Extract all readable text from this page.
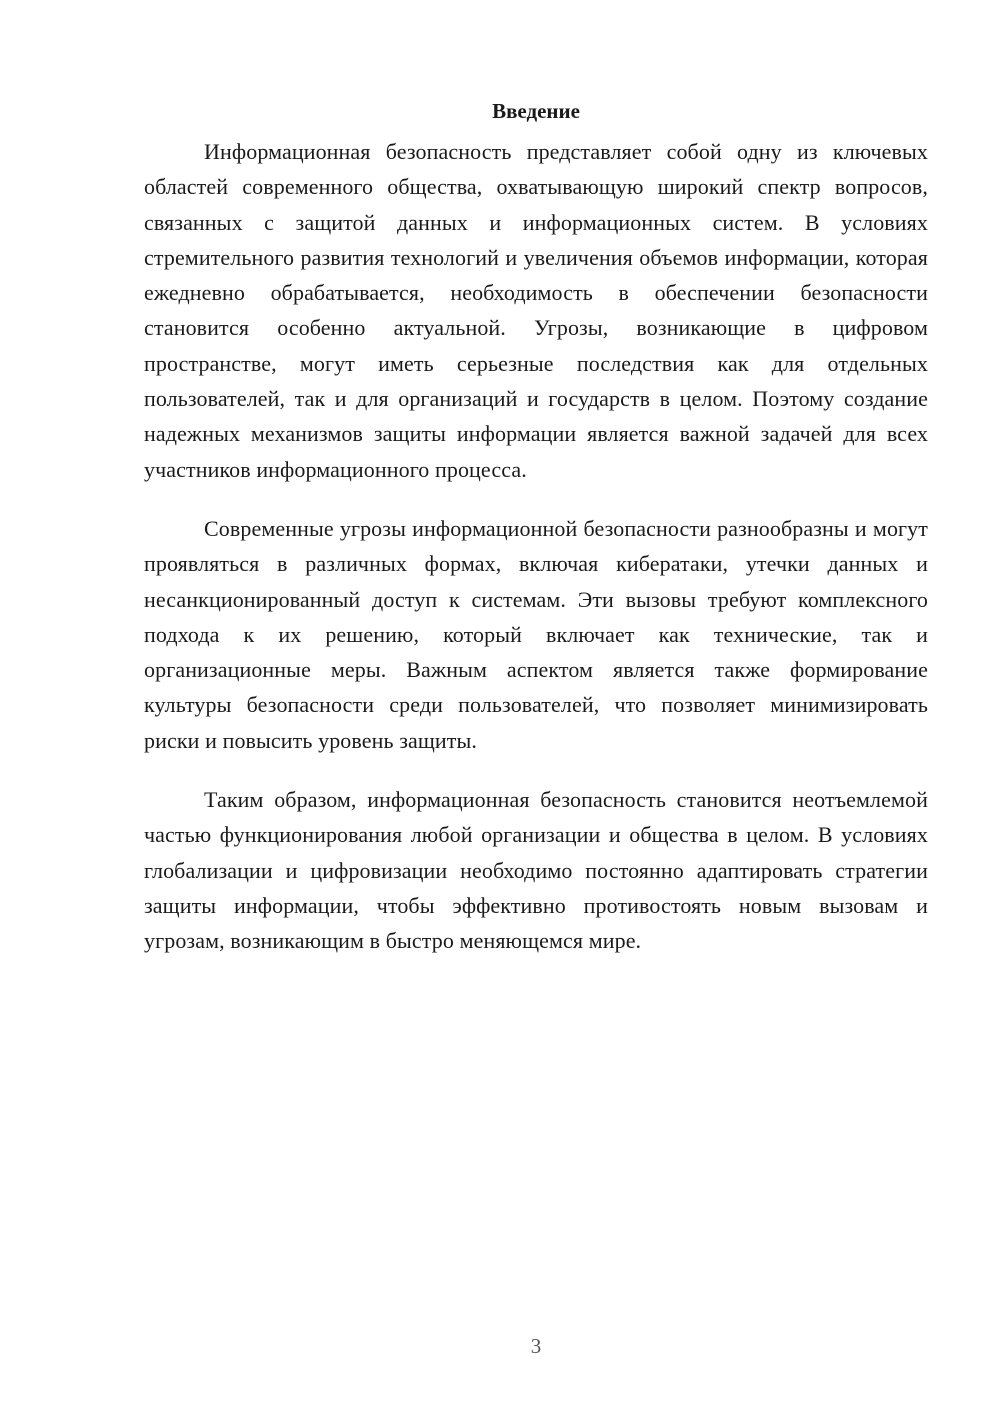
Введение

Информационная безопасность представляет собой одну из ключевых областей современного общества, охватывающую широкий спектр вопросов, связанных с защитой данных и информационных систем. В условиях стремительного развития технологий и увеличения объемов информации, которая ежедневно обрабатывается, необходимость в обеспечении безопасности становится особенно актуальной. Угрозы, возникающие в цифровом пространстве, могут иметь серьезные последствия как для отдельных пользователей, так и для организаций и государств в целом. Поэтому создание надежных механизмов защиты информации является важной задачей для всех участников информационного процесса.

Современные угрозы информационной безопасности разнообразны и могут проявляться в различных формах, включая кибератаки, утечки данных и несанкционированный доступ к системам. Эти вызовы требуют комплексного подхода к их решению, который включает как технические, так и организационные меры. Важным аспектом является также формирование культуры безопасности среди пользователей, что позволяет минимизировать риски и повысить уровень защиты.

Таким образом, информационная безопасность становится неотъемлемой частью функционирования любой организации и общества в целом. В условиях глобализации и цифровизации необходимо постоянно адаптировать стратегии защиты информации, чтобы эффективно противостоять новым вызовам и угрозам, возникающим в быстро меняющемся мире.

3
